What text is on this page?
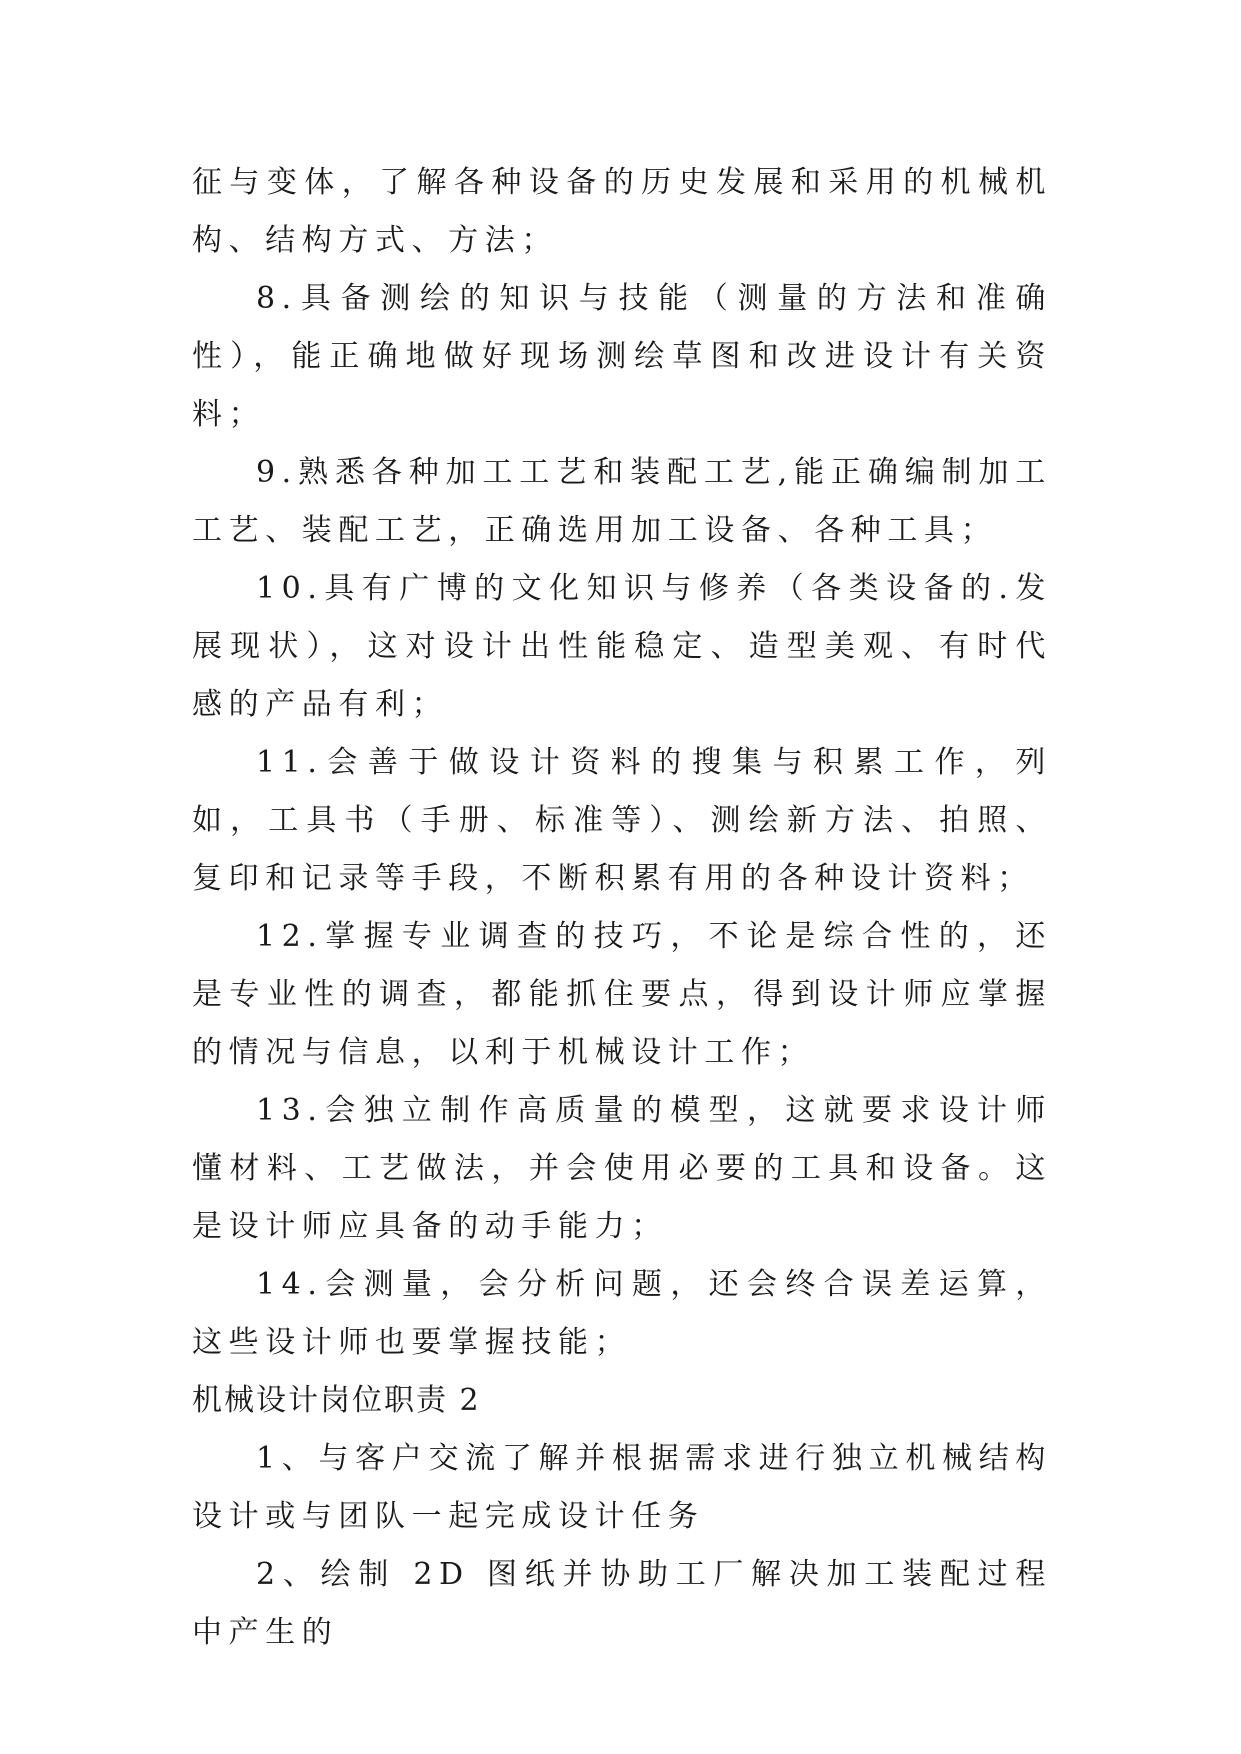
征与变体，了解各种设备的历史发展和采用的机械机构、结构方式、方法；

8.具备测绘的知识与技能（测量的方法和准确性），能正确地做好现场测绘草图和改进设计有关资料；

9.熟悉各种加工工艺和装配工艺,能正确编制加工工艺、装配工艺，正确选用加工设备、各种工具；

10.具有广博的文化知识与修养（各类设备的.发展现状），这对设计出性能稳定、造型美观、有时代感的产品有利；

11.会善于做设计资料的搜集与积累工作，列如，工具书（手册、标准等）、测绘新方法、拍照、复印和记录等手段，不断积累有用的各种设计资料；

12.掌握专业调查的技巧，不论是综合性的，还是专业性的调查，都能抓住要点，得到设计师应掌握的情况与信息，以利于机械设计工作；

13.会独立制作高质量的模型，这就要求设计师懂材料、工艺做法，并会使用必要的工具和设备。这是设计师应具备的动手能力；

14.会测量，会分析问题，还会终合误差运算，这些设计师也要掌握技能；

机械设计岗位职责 2

1、与客户交流了解并根据需求进行独立机械结构设计或与团队一起完成设计任务

2、绘制 2D 图纸并协助工厂解决加工装配过程中产生的
